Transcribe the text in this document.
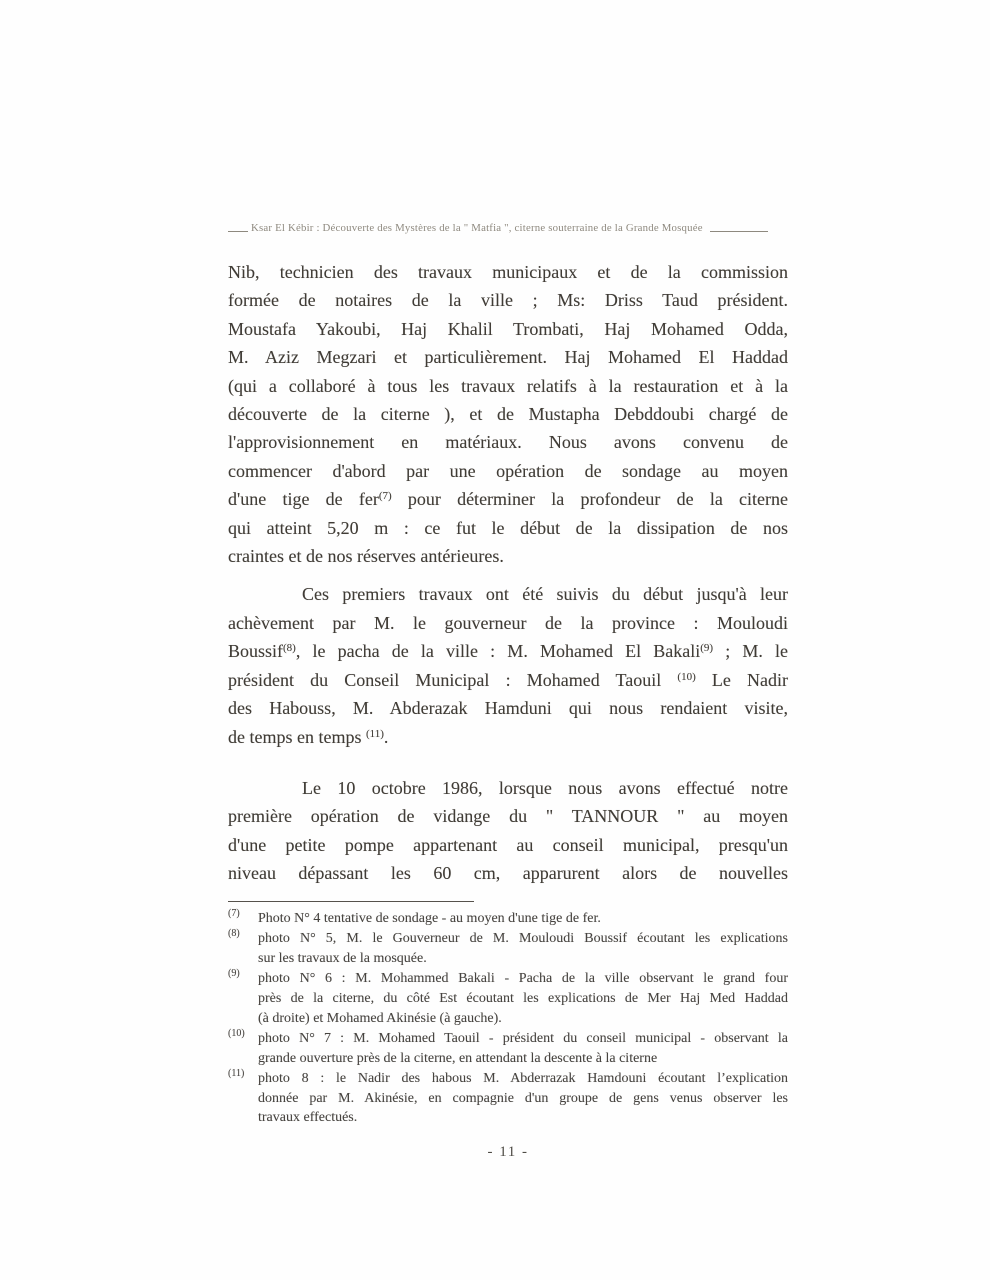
Ksar El Kébir : Découverte des Mystères de la " Matfia ", citerne souterraine de la Grande Mosquée
Nib, technicien des travaux municipaux et de la commission
formée de notaires de la ville ; Ms: Driss Taud président.
Moustafa Yakoubi, Haj Khalil Trombati, Haj Mohamed Odda,
M. Aziz Megzari et particulièrement. Haj Mohamed El Haddad
(qui a collaboré à tous les travaux relatifs à la restauration et à la
découverte de la citerne ), et de Mustapha Debddoubi chargé de
l'approvisionnement en matériaux. Nous avons convenu de
commencer d'abord par une opération de sondage au moyen
d'une tige de fer$^{(7)}$ pour déterminer la profondeur de la citerne
qui atteint 5,20 m : ce fut le début de la dissipation de nos
craintes et de nos réserves antérieures.
Ces premiers travaux ont été suivis du début jusqu'à leur
achèvement par M. le gouverneur de la province : Mouloudi
Boussif$^{(8)}$, le pacha de la ville : M. Mohamed El Bakali$^{(9)}$ ; M. le
président du Conseil Municipal : Mohamed Taouil $^{(10)}$ Le Nadir
des Habouss, M. Abderazak Hamduni qui nous rendaient visite,
de temps en temps $^{(11)}$.
Le 10 octobre 1986, lorsque nous avons effectué notre
première opération de vidange du " TANNOUR " au moyen
d'une petite pompe appartenant au conseil municipal, presqu'un
niveau dépassant les 60 cm, apparurent alors de nouvelles
(7)	Photo N° 4 tentative de sondage - au moyen d'une tige de fer.
(8)	photo N° 5, M. le Gouverneur de M. Mouloudi Boussif écoutant les explications
sur les travaux de la mosquée.
(9)	photo N° 6 : M. Mohammed Bakali - Pacha de la ville observant le grand four
près de la citerne, du côté Est écoutant les explications de Mer Haj Med Haddad
(à droite) et Mohamed Akinésie (à gauche).
(10) photo N° 7 : M. Mohamed Taouil - président du conseil municipal - observant la
grande ouverture près de la citerne, en attendant la descente à la citerne
(11) photo 8 : le Nadir des habous M. Abderrazak Hamdouni écoutant l’explication
donnée par M. Akinésie, en compagnie d'un groupe de gens venus observer les
travaux effectués.
- 11 -
